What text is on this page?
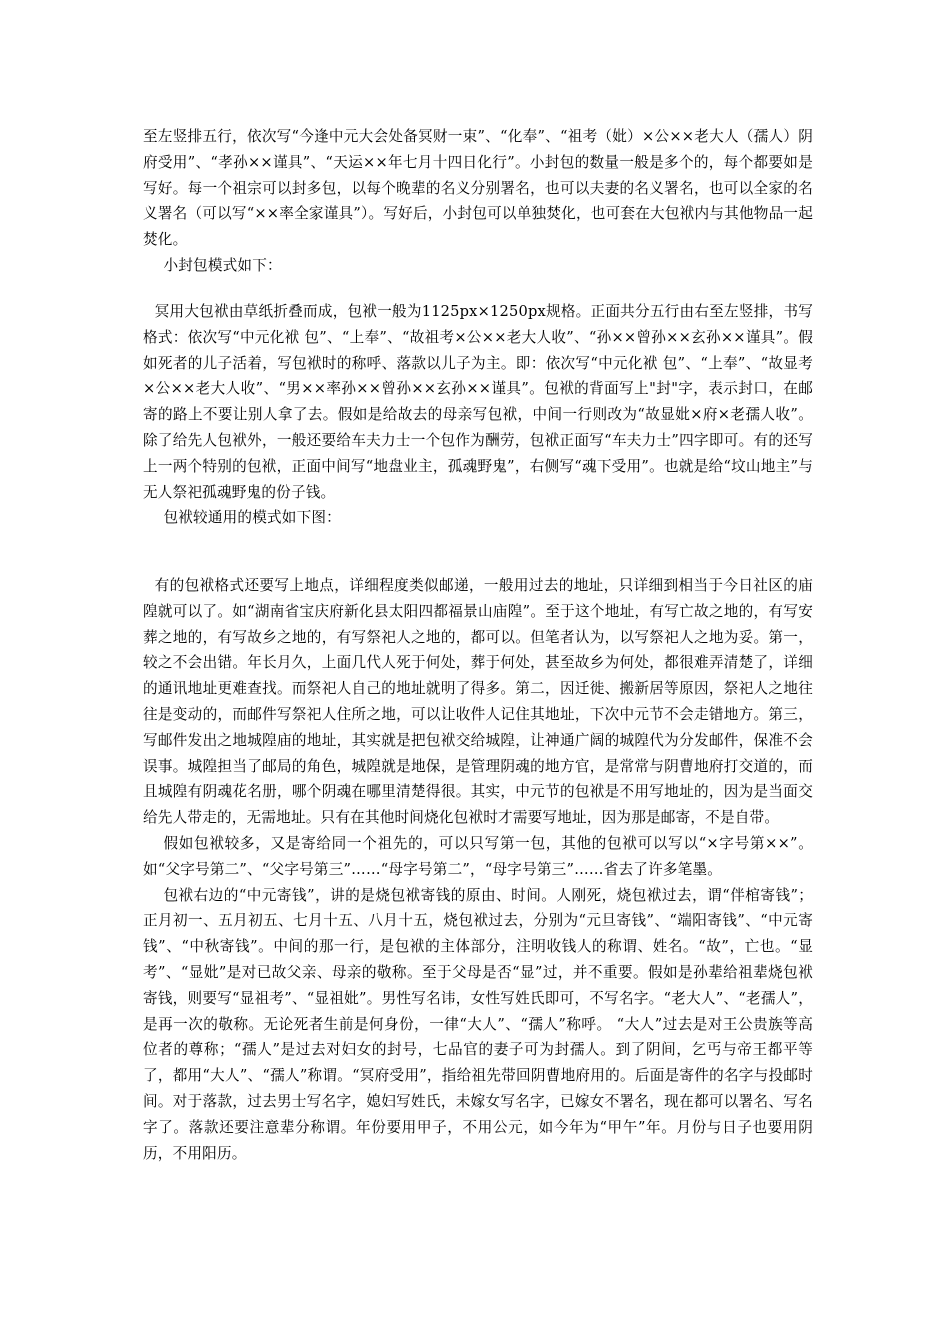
至左竖排五行，依次写“今逢中元大会处备冥财一束”、“化奉”、“祖考（妣）×公××老大人（孺人）阴府受用”、“孝孙××谨具”、“天运××年七月十四日化行”。小封包的数量一般是多个的，每个都要如是写好。每一个祖宗可以封多包，以每个晚辈的名义分别署名，也可以夫妻的名义署名，也可以全家的名义署名（可以写“××率全家谨具”）。写好后，小封包可以单独焚化，也可套在大包袱内与其他物品一起焚化。

小封包模式如下：

冥用大包袱由草纸折叠而成，包袱一般为1125px×1250px规格。正面共分五行由右至左竖排，书写格式：依次写“中元化袱 包”、“上奉”、“故祖考×公××老大人收”、“孙××曾孙××玄孙××谨具”。假如死者的儿子活着，写包袱时的称呼、落款以儿子为主。即：依次写“中元化袱 包”、“上奉”、“故显考×公××老大人收”、“男××率孙××曾孙××玄孙××谨具”。包袱的背面写上"封"字，表示封口，在邮寄的路上不要让别人拿了去。假如是给故去的母亲写包袱，中间一行则改为“故显妣×府×老孺人收”。除了给先人包袱外，一般还要给车夫力士一个包作为酬劳，包袱正面写“车夫力士”四字即可。有的还写上一两个特别的包袱，正面中间写“地盘业主，孤魂野鬼”，右侧写“魂下受用”。也就是给“坟山地主”与无人祭祀孤魂野鬼的份子钱。

包袱较通用的模式如下图：

有的包袱格式还要写上地点，详细程度类似邮递，一般用过去的地址，只详细到相当于今日社区的庙隍就可以了。如“湖南省宝庆府新化县太阳四都福景山庙隍”。至于这个地址，有写亡故之地的，有写安葬之地的，有写故乡之地的，有写祭祀人之地的，都可以。但笔者认为，以写祭祀人之地为妥。第一，较之不会出错。年长月久，上面几代人死于何处，葬于何处，甚至故乡为何处，都很难弄清楚了，详细的通讯地址更难查找。而祭祀人自己的地址就明了得多。第二，因迁徙、搬新居等原因，祭祀人之地往往是变动的，而邮件写祭祀人住所之地，可以让收件人记住其地址，下次中元节不会走错地方。第三，写邮件发出之地城隍庙的地址，其实就是把包袱交给城隍，让神通广阔的城隍代为分发邮件，保准不会误事。城隍担当了邮局的角色，城隍就是地保，是管理阴魂的地方官，是常常与阴曹地府打交道的，而且城隍有阴魂花名册，哪个阴魂在哪里清楚得很。其实，中元节的包袱是不用写地址的，因为是当面交给先人带走的，无需地址。只有在其他时间烧化包袱时才需要写地址，因为那是邮寄，不是自带。

假如包袱较多，又是寄给同一个祖先的，可以只写第一包，其他的包袱可以写以“×字号第××”。如“父字号第二”、“父字号第三”……“母字号第二”，“母字号第三”……省去了许多笔墨。

包袱右边的“中元寄钱”，讲的是烧包袱寄钱的原由、时间。人刚死，烧包袱过去，谓“伴棺寄钱”；正月初一、五月初五、七月十五、八月十五，烧包袱过去，分别为“元旦寄钱”、“端阳寄钱”、“中元寄钱”、“中秋寄钱”。中间的那一行，是包袱的主体部分，注明收钱人的称谓、姓名。“故”，亡也。“显考”、“显妣”是对已故父亲、母亲的敬称。至于父母是否“显”过，并不重要。假如是孙辈给祖辈烧包袱寄钱，则要写“显祖考”、“显祖妣”。男性写名讳，女性写姓氏即可，不写名字。“老大人”、“老孺人”，是再一次的敬称。无论死者生前是何身份，一律“大人”、“孺人”称呼。 “大人”过去是对王公贵族等高位者的尊称；“孺人”是过去对妇女的封号，七品官的妻子可为封孺人。到了阴间，乞丐与帝王都平等了，都用“大人”、“孺人”称谓。“冥府受用”，指给祖先带回阴曹地府用的。后面是寄件的名字与投邮时间。对于落款，过去男士写名字，媳妇写姓氏，未嫁女写名字，已嫁女不署名，现在都可以署名、写名字了。落款还要注意辈分称谓。年份要用甲子，不用公元，如今年为“甲午”年。月份与日子也要用阴历，不用阳历。
